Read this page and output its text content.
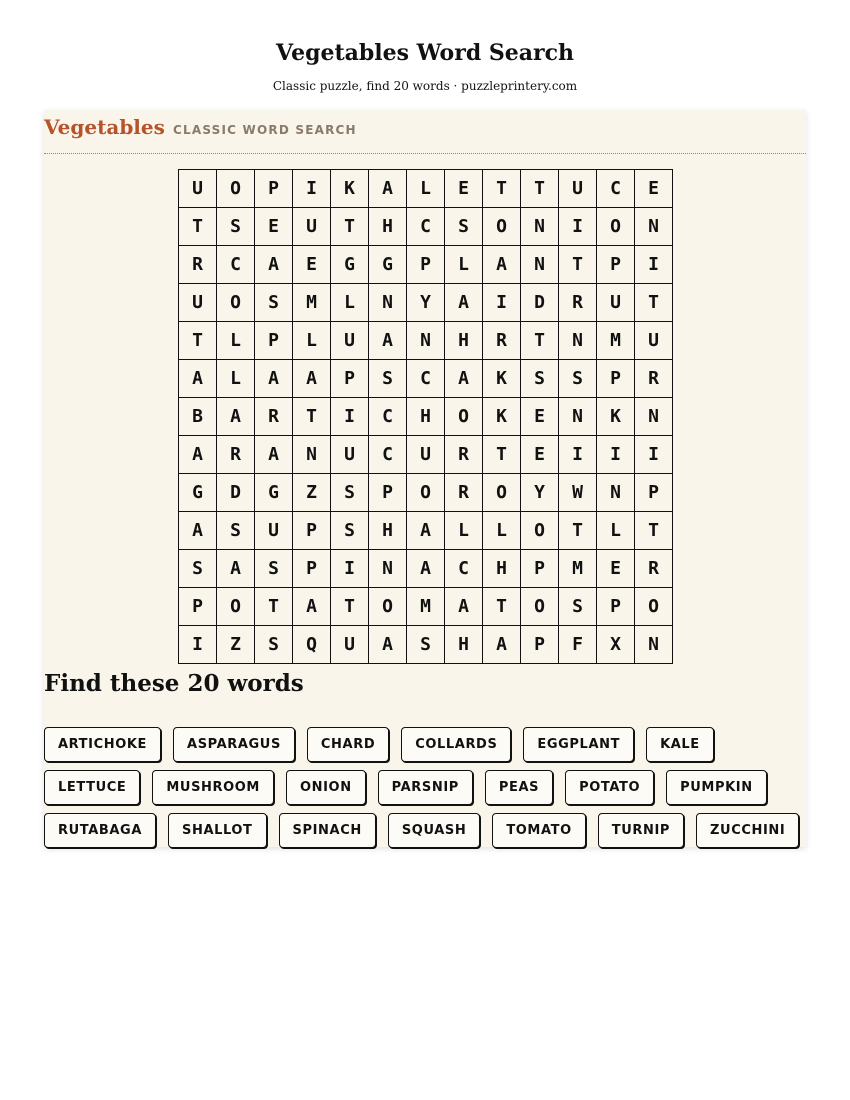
Vegetables Word Search
Classic puzzle, find 20 words · puzzleprintery.com
Vegetables CLASSIC WORD SEARCH
U	O	P	I	K	A	L	E	T	T	U	C	E
T	S	E	U	T	H	C	S	O	N	I	O	N
R	C	A	E	G	G	P	L	A	N	T	P	I
U	O	S	M	L	N	Y	A	I	D	R	U	T
T	L	P	L	U	A	N	H	R	T	N	M	U
A	L	A	A	P	S	C	A	K	S	S	P	R
B	A	R	T	I	C	H	O	K	E	N	K	N
A	R	A	N	U	C	U	R	T	E	I	I	I
G	D	G	Z	S	P	O	R	O	Y	W	N	P
A	S	U	P	S	H	A	L	L	O	T	L	T
S	A	S	P	I	N	A	C	H	P	M	E	R
P	O	T	A	T	O	M	A	T	O	S	P	O
I	Z	S	Q	U	A	S	H	A	P	F	X	N
Find these 20 words
ARTICHOKE	ASPARAGUS	CHARD	COLLARDS	EGGPLANT	KALE
LETTUCE	MUSHROOM	ONION	PARSNIP	PEAS	POTATO	PUMPKIN
RUTABAGA	SHALLOT	SPINACH	SQUASH	TOMATO	TURNIP	ZUCCHINI
